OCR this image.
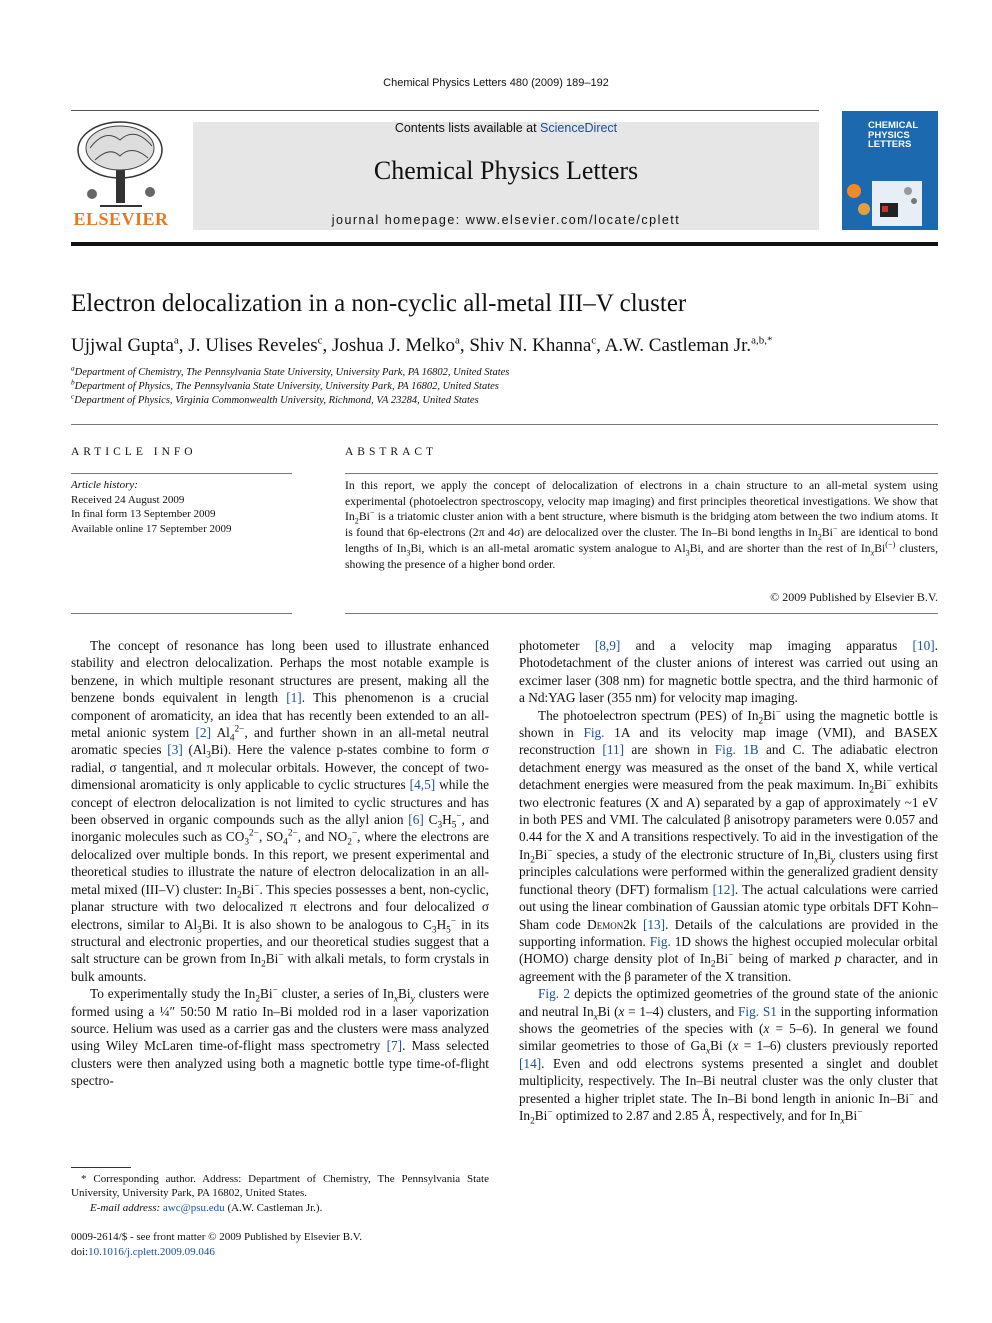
Chemical Physics Letters 480 (2009) 189–192
ELSEVIER
Contents lists available at ScienceDirect
Chemical Physics Letters
journal homepage: www.elsevier.com/locate/cplett
CHEMICAL
PHYSICS
LETTERS
Electron delocalization in a non-cyclic all-metal III–V cluster
Ujjwal Gupta$^a$, J. Ulises Reveles$^c$, Joshua J. Melko$^a$, Shiv N. Khanna$^c$, A.W. Castleman Jr.$^{a,b,*}$
$^a$Department of Chemistry, The Pennsylvania State University, University Park, PA 16802, United States
$^b$Department of Physics, The Pennsylvania State University, University Park, PA 16802, United States
$^c$Department of Physics, Virginia Commonwealth University, Richmond, VA 23284, United States
ARTICLE INFO
Article history:
Received 24 August 2009
In final form 13 September 2009
Available online 17 September 2009
ABSTRACT
In this report, we apply the concept of delocalization of electrons in a chain structure to an all-metal system using experimental (photoelectron spectroscopy, velocity map imaging) and first principles theoretical investigations. We show that $In_2Bi^-$ is a triatomic cluster anion with a bent structure, where bismuth is the bridging atom between the two indium atoms. It is found that 6p-electrons (2π and 4σ) are delocalized over the cluster. The In–Bi bond lengths in $In_2Bi^-$ are identical to bond lengths of $In_3Bi$, which is an all-metal aromatic system analogue to $Al_3Bi$, and are shorter than the rest of $In_xBi^{(-)}$ clusters, showing the presence of a higher bond order.
© 2009 Published by Elsevier B.V.

The concept of resonance has long been used to illustrate enhanced stability and electron delocalization. Perhaps the most notable example is benzene, in which multiple resonant structures are present, making all the benzene bonds equivalent in length [1]. This phenomenon is a crucial component of aromaticity, an idea that has recently been extended to an all-metal anionic system [2] $Al_4^{2-}$, and further shown in an all-metal neutral aromatic species [3] $(Al_3Bi)$. Here the valence p-states combine to form σ radial, σ tangential, and π molecular orbitals. However, the concept of two-dimensional aromaticity is only applicable to cyclic structures [4,5] while the concept of electron delocalization is not limited to cyclic structures and has been observed in organic compounds such as the allyl anion [6] $C_3H_5^-$, and inorganic molecules such as $CO_3^{2-}$, $SO_4^{2-}$, and $NO_2^-$, where the electrons are delocalized over multiple bonds. In this report, we present experimental and theoretical studies to illustrate the nature of electron delocalization in an all-metal mixed (III–V) cluster: $In_2Bi^-$. This species possesses a bent, non-cyclic, planar structure with two delocalized π electrons and four delocalized σ electrons, similar to $Al_3Bi$. It is also shown to be analogous to $C_3H_5^-$ in its structural and electronic properties, and our theoretical studies suggest that a salt structure can be grown from $In_2Bi^-$ with alkali metals, to form crystals in bulk amounts.

To experimentally study the $In_2Bi^-$ cluster, a series of $In_xBi_y$ clusters were formed using a ¼″ 50:50 M ratio In–Bi molded rod in a laser vaporization source. Helium was used as a carrier gas and the clusters were mass analyzed using Wiley McLaren time-of-flight mass spectrometry [7]. Mass selected clusters were then analyzed using both a magnetic bottle type time-of-flight spectro-

photometer [8,9] and a velocity map imaging apparatus [10]. Photodetachment of the cluster anions of interest was carried out using an excimer laser (308 nm) for magnetic bottle spectra, and the third harmonic of a Nd:YAG laser (355 nm) for velocity map imaging.

The photoelectron spectrum (PES) of $In_2Bi^-$ using the magnetic bottle is shown in Fig. 1A and its velocity map image (VMI), and BASEX reconstruction [11] are shown in Fig. 1B and C. The adiabatic electron detachment energy was measured as the onset of the band X, while vertical detachment energies were measured from the peak maximum. $In_2Bi^-$ exhibits two electronic features (X and A) separated by a gap of approximately ~1 eV in both PES and VMI. The calculated β anisotropy parameters were 0.057 and 0.44 for the X and A transitions respectively. To aid in the investigation of the $In_2Bi^-$ species, a study of the electronic structure of $In_xBi_y$ clusters using first principles calculations were performed within the generalized gradient density functional theory (DFT) formalism [12]. The actual calculations were carried out using the linear combination of Gaussian atomic type orbitals DFT Kohn–Sham code Demon2k [13]. Details of the calculations are provided in the supporting information. Fig. 1D shows the highest occupied molecular orbital (HOMO) charge density plot of $In_2Bi^-$ being of marked p character, and in agreement with the β parameter of the X transition.

Fig. 2 depicts the optimized geometries of the ground state of the anionic and neutral $In_xBi$ (x = 1–4) clusters, and Fig. S1 in the supporting information shows the geometries of the species with (x = 5–6). In general we found similar geometries to those of $Ga_xBi$ (x = 1–6) clusters previously reported [14]. Even and odd electrons systems presented a singlet and doublet multiplicity, respectively. The In–Bi neutral cluster was the only cluster that presented a higher triplet state. The In–Bi bond length in anionic In–Bi− and $In_2Bi^-$ optimized to 2.87 and 2.85 Å, respectively, and for $In_xBi^-$

* Corresponding author. Address: Department of Chemistry, The Pennsylvania State University, University Park, PA 16802, United States.
E-mail address: awc@psu.edu (A.W. Castleman Jr.).
0009-2614/$ - see front matter © 2009 Published by Elsevier B.V.
doi:10.1016/j.cplett.2009.09.046
